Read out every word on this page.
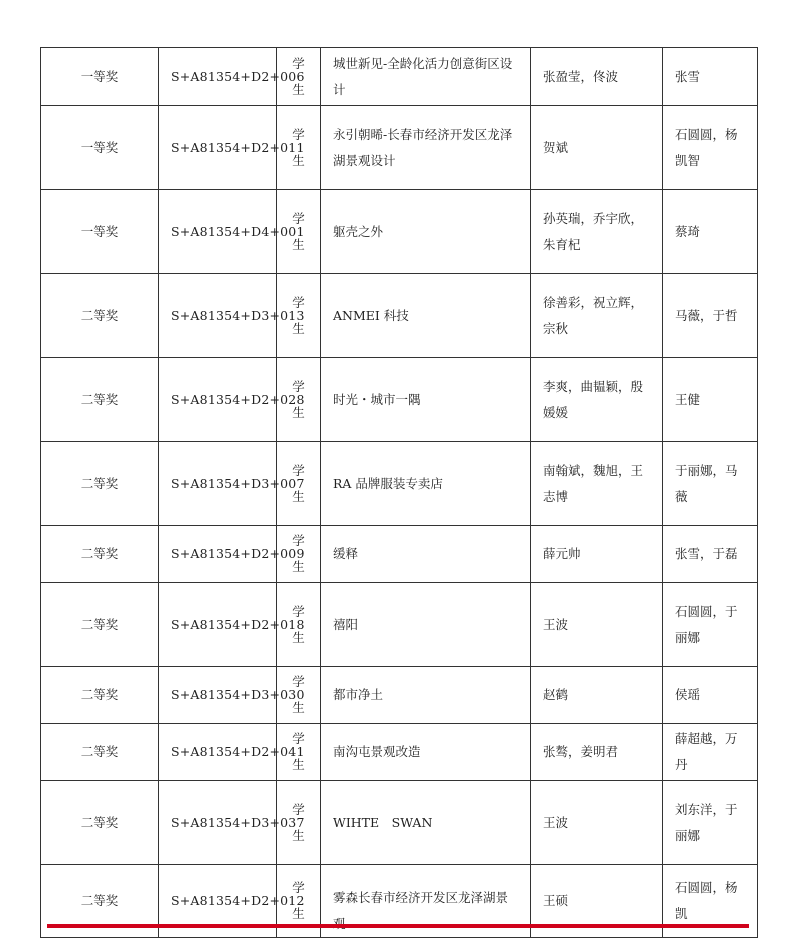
一等奖	S+A81354+D2+006	学生	城世新见-全龄化活力创意街区设计	张盈莹，佟波	张雪
一等奖	S+A81354+D2+011	学生	永引朝晞-长春市经济开发区龙泽湖景观设计	贺斌	石圆圆，杨凯智
一等奖	S+A81354+D4+001	学生	躯壳之外	孙英瑞，乔宇欣，朱育杞	蔡琦
二等奖	S+A81354+D3+013	学生	ANMEI 科技	徐善彩，祝立辉，宗秋	马薇，于哲
二等奖	S+A81354+D2+028	学生	时光・城市一隅	李爽，曲韫颖，殷媛媛	王健
二等奖	S+A81354+D3+007	学生	RA 品牌服装专卖店	南翰斌，魏旭，王志博	于丽娜，马薇
二等奖	S+A81354+D2+009	学生	缓释	薛元帅	张雪，于磊
二等奖	S+A81354+D2+018	学生	禧阳	王波	石圆圆，于丽娜
二等奖	S+A81354+D3+030	学生	都市净土	赵鹤	侯瑶
二等奖	S+A81354+D2+041	学生	南沟屯景观改造	张骜，姜明君	薛超越，万丹
二等奖	S+A81354+D3+037	学生	WIHTE　SWAN	王波	刘东洋，于丽娜
二等奖	S+A81354+D2+012	学生	雾森长春市经济开发区龙泽湖景	王硕	石圆圆，杨凯
